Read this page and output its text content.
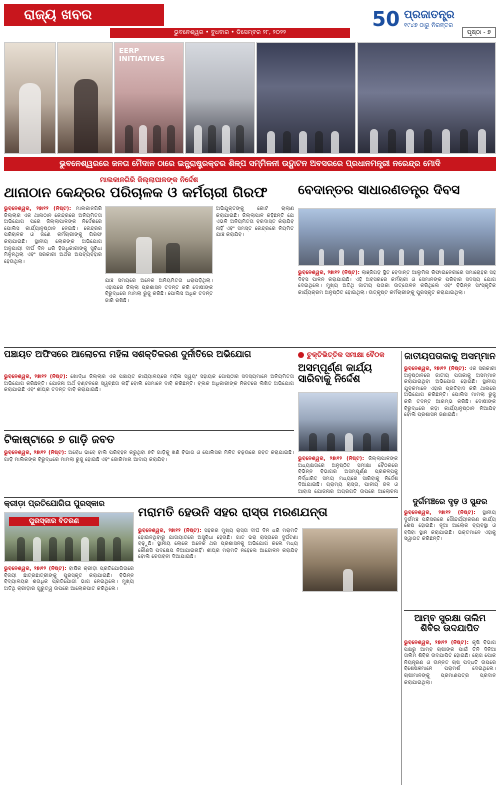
ରାଜ୍ୟ ଖବର
ଭୁବନେଶ୍ୱର • ବୁଧବାର • ଡିସେମ୍ବର ୨୮, ୨୦୨୨
50 ପ୍ରଜାତନ୍ତ୍ର
୧୯୪୭ ଠାରୁ ନିରନ୍ତର
ପୃଷ୍ଠା - ୭
EERP INITIATIVES
ଭୁବନେଶ୍ୱରରେ ଜନତା ମୈଦାନ ଠାରେ ଇନ୍ଫ୍ରାଷ୍ଟ୍ରକ୍ଚର ଶିଳ୍ପ ସମ୍ମିଳନୀ ଉଦ୍ଘାଟନ ଅବସରରେ ପ୍ରଧାନମନ୍ତ୍ରୀ ନରେନ୍ଦ୍ର ମୋଦି
ମାଲକାନଗିରି ଜିଲ୍ଲାପାଳଙ୍କ ନିର୍ଦ୍ଦେଶ
ଥାନାଠାନ କେନ୍ଦ୍ରର ପରିଚାଳକ ଓ କର୍ମଚାରୀ ଗିରଫ
ଭୁବନେଶ୍ୱର, ୨୭ା୧୨ (ନିଷ୍ଟ): ମାଲକାନଗିରି ଜିଲ୍ଲାର ଏକ ଥାନାଠାନ କେନ୍ଦ୍ରରେ ଅନିୟମିତତା ଅଭିଯୋଗ ପରେ ଜିଲ୍ଲାପାଳଙ୍କ ନିର୍ଦ୍ଦେଶରେ ପୋଲିସ କାର୍ଯ୍ୟାନୁଷ୍ଠାନ ନେଇଛି। କେନ୍ଦ୍ରର ପରିଚାଳକ ଓ ଜଣେ କର୍ମଚାରୀଙ୍କୁ ଗିରଫ କରାଯାଇଛି। ସ୍ଥାନୀୟ ଲୋକଙ୍କ ଅଭିଯୋଗ ଅନୁଯାୟୀ ଦୀର୍ଘ ଦିନ ଧରି ହିତାଧିକାରୀଙ୍କୁ ସୁବିଧା ମିଳୁନଥିଲା ଏବଂ ସରକାରୀ ଅର୍ଥର ଅପବ୍ୟବହାର ହେଉଥିଲା।
ଯାଞ୍ଚ ସମୟରେ ଅନେକ ଅନିୟମିତତା ଧରାପଡ଼ିଥିଲା। ଏହାପରେ ଜିଲ୍ଲା ପ୍ରଶାସନ ତଦନ୍ତ କରି ଦୋଷୀଙ୍କ ବିରୁଦ୍ଧରେ ମାମଲା ରୁଜୁ କରିଛି। ପୋଲିସ ଅଧିକ ତଦନ୍ତ ଜାରି ରଖିଛି।
ଅଭିଯୁକ୍ତଙ୍କୁ କୋର୍ଟ ଚାଲାଣ କରାଯାଇଛି। ଜିଲ୍ଲାପାଳ କହିଛନ୍ତି ଯେ ଏଭଳି ଅନିୟମିତତା ବରଦାସ୍ତ କରାଯିବ ନାହିଁ ଏବଂ ସମସ୍ତ କେନ୍ଦ୍ରରେ ନିୟମିତ ଯାଞ୍ଚ କରାଯିବ।
ବେଦାନ୍ତର ସାଧାରଣତନ୍ତ୍ର ଦିବସ
ଭୁବନେଶ୍ୱର, ୨୭ା୧୨ (ନିଷ୍ଟ): ଲାଞ୍ଜିଗଡ଼ ସ୍ଥିତ ବେଦାନ୍ତ ଆଲୁମିନା ରିଫାଇନେରୀରେ ସମାରୋହର ସହ ଦିବସ ପାଳନ କରାଯାଇଛି। ଏହି ଅବସରରେ କର୍ମଚାରୀ ଓ ସେମାନଙ୍କ ପରିବାର ସଦସ୍ୟ ଯୋଗ ଦେଇଥିଲେ। ମୁଖ୍ୟ ଅତିଥି ଜାତୀୟ ପତାକା ଉତ୍ତୋଳନ କରିଥିଲେ ଏବଂ ବିଭିନ୍ନ ସାଂସ୍କୃତିକ କାର୍ଯ୍ୟକ୍ରମ ଅନୁଷ୍ଠିତ ହୋଇଥିଲା। ଉତ୍କୃଷ୍ଟ କର୍ମଚାରୀଙ୍କୁ ପୁରସ୍କୃତ କରାଯାଇଥିଲା।
ପଞ୍ଚାୟତ ଅଫିସରେ ଆଲୋଚନା ମହିଳା ସଶକ୍ତିକରଣ ଦୁର୍ନୀତିରେ ଅଭିଯୋଗ
ଭୁବନେଶ୍ୱର, ୨୭ା୧୨ (ନିଷ୍ଟ): ଖୋର୍ଦ୍ଧା ଜିଲ୍ଲାର ଏକ ପଞ୍ଚାୟତ କାର୍ଯ୍ୟାଳୟରେ ମହିଳା ସ୍ୱୟଂ ସହାୟକ ଗୋଷ୍ଠୀର ସଦସ୍ୟମାନେ ଅନିୟମିତତା ଅଭିଯୋଗ କରିଛନ୍ତି। ଯୋଜନା ଅର୍ଥ ବଣ୍ଟନରେ ସ୍ୱଚ୍ଛତା ନାହିଁ ବୋଲି ସେମାନେ ଦାବି କରିଛନ୍ତି। ବ୍ଲକ ଅଧିକାରୀଙ୍କ ନିକଟରେ ଲିଖିତ ଅଭିଯୋଗ କରାଯାଇଛି ଏବଂ ଶୀଘ୍ର ତଦନ୍ତ ଦାବି କରାଯାଇଛି।
ଚୁକ୍ତିଭିତ୍ତିକ ସମୀକ୍ଷା ବୈଠକ
ଅସମ୍ପୂର୍ଣ୍ଣ କାର୍ଯ୍ୟ ସାରିବାକୁ ନିର୍ଦ୍ଦେଶ
ଭୁବନେଶ୍ୱର, ୨୭ା୧୨ (ନିଷ୍ଟ): ଜିଲ୍ଲାପାଳଙ୍କ ଅଧ୍ୟକ୍ଷତାରେ ଅନୁଷ୍ଠିତ ସମୀକ୍ଷା ବୈଠକରେ ବିଭିନ୍ନ ବିଭାଗର ଅସମ୍ପୂର୍ଣ୍ଣ ପ୍ରକଳ୍ପକୁ ନିର୍ଦ୍ଧାରିତ ସମୟ ମଧ୍ୟରେ ସାରିବାକୁ ନିର୍ଦ୍ଦେଶ ଦିଆଯାଇଛି। ଗ୍ରାମ୍ୟ ରାସ୍ତା, ପାନୀୟ ଜଳ ଓ ଆବାସ ଯୋଜନାର ଅଗ୍ରଗତି ଉପରେ ଆଲୋଚନା
ଜାତୀୟପତାକାକୁ ଅସମ୍ମାନ
ଭୁବନେଶ୍ୱର, ୨୭ା୧୨ (ନିଷ୍ଟ): ଏକ ସରକାରୀ ଅନୁଷ୍ଠାନରେ ଜାତୀୟ ପତାକାକୁ ଅସମ୍ମାନ କରାଯାଇଥିବା ଅଭିଯୋଗ ହୋଇଛି। ସ୍ଥାନୀୟ ଯୁବକମାନେ ଏହାର ପ୍ରତିବାଦ କରି ଥାନାରେ ଅଭିଯୋଗ କରିଛନ୍ତି। ପୋଲିସ ମାମଲା ରୁଜୁ କରି ତଦନ୍ତ ଆରମ୍ଭ କରିଛି। ଦୋଷୀଙ୍କ ବିରୁଦ୍ଧରେ କଡ଼ା କାର୍ଯ୍ୟାନୁଷ୍ଠାନ ନିଆଯିବ ବୋଲି ପ୍ରଶାସନ ଜଣାଇଛି।
ଟିକାଷ୍ଟାରେ ୭ ଗାଡ଼ି ଜବତ
ଭୁବନେଶ୍ୱର, ୨୭ା୧୨ (ନିଷ୍ଟ): ଅବୈଧ ଭାବେ ବାଲି ପରିବହନ କରୁଥିବା ୭ଟି ଗାଡ଼ିକୁ ଖଣି ବିଭାଗ ଓ ପୋଲିସର ମିଳିତ ଚଢ଼ଉରେ ଜବତ କରାଯାଇଛି। ଗାଡ଼ି ମାଲିକଙ୍କ ବିରୁଦ୍ଧରେ ମାମଲା ରୁଜୁ ହୋଇଛି ଏବଂ ଜୋରିମାନା ଆଦାୟ କରାଯିବ।
ଦୁର୍ଗମଞ୍ଚରେ ଦୃଢ଼ ଓ ସୁନ୍ଦର
ଭୁବନେଶ୍ୱର, ୨୭ା୧୨ (ନିଷ୍ଟ): ସ୍ଥାନୀୟ ଦୁର୍ଗମଞ୍ଚ ପରିସରରେ ସୌନ୍ଦର୍ଯ୍ୟୀକରଣ କାର୍ଯ୍ୟ ଶେଷ ହୋଇଛି। ନୂଆ ଆଲୋକ ବ୍ୟବସ୍ଥା ଓ ବସିବା ସ୍ଥାନ କରାଯାଇଛି। ଭକ୍ତମାନେ ଏହାକୁ ସ୍ୱାଗତ କରିଛନ୍ତି।
କ୍ରୀଡ଼ା ପ୍ରତିଯୋଗିତା ପୁରସ୍କାର
ପୁରସ୍କାର ବିତରଣ
ଭୁବନେଶ୍ୱର, ୨୭ା୧୨ (ନିଷ୍ଟ): ବାର୍ଷିକ କ୍ରୀଡ଼ା ପ୍ରତିଯୋଗିତାରେ ବିଜୟୀ ଛାତ୍ରଛାତ୍ରୀଙ୍କୁ ପୁରସ୍କୃତ କରାଯାଇଛି। ବିଭିନ୍ନ ବିଦ୍ୟାଳୟର ଶତାଧିକ ପ୍ରତିଯୋଗୀ ଭାଗ ନେଇଥିଲେ। ମୁଖ୍ୟ ଅତିଥି କ୍ରୀଡ଼ାର ଗୁରୁତ୍ୱ ଉପରେ ଆଲୋକପାତ କରିଥିଲେ।
ମରାମତି ହେଉନି ସହର ରାସ୍ତା ମରଣଯନ୍ତା
ଭୁବନେଶ୍ୱର, ୨୭ା୧୨ (ନିଷ୍ଟ): ସହରର ମୁଖ୍ୟ ରାସ୍ତା ଦୀର୍ଘ ଦିନ ଧରି ମରାମତି ହୋଇନଥିବାରୁ ଯାତାୟାତରେ ଅସୁବିଧା ହେଉଛି। ଗାତ ଭରା ରାସ୍ତାରେ ଦୁର୍ଘଟଣା ବଢ଼ୁଛି। ସ୍ଥାନୀୟ ଲୋକେ ଅନେକ ଥର ପ୍ରଶାସନକୁ ଅଭିଯୋଗ କଲେ ମଧ୍ୟ କୌଣସି ପଦକ୍ଷେପ ନିଆଯାଇନାହିଁ। ଶୀଘ୍ର ମରାମତି ନହେଲେ ଆନ୍ଦୋଳନ କରାଯିବ ବୋଲି ଚେତାବନୀ ଦିଆଯାଇଛି।
ଆମ୍ବ ସୁରକ୍ଷା ତାଲିମ ଶିବିର ଉଦଯାପିତ
ଭୁବନେଶ୍ୱର, ୨୭ା୧୨ (ନିଷ୍ଟ): କୃଷି ବିଭାଗ ପକ୍ଷରୁ ଆମ୍ବ ଚାଷୀଙ୍କ ପାଇଁ ତିନି ଦିନିଆ ତାଲିମ ଶିବିର ଉଦଯାପିତ ହୋଇଛି। ରୋଗ ପୋକ ନିୟନ୍ତ୍ରଣ ଓ ଉନ୍ନତ ଚାଷ ପଦ୍ଧତି ଉପରେ ବିଶେଷଜ୍ଞମାନେ ପରାମର୍ଶ ଦେଇଥିଲେ। ଚାଷୀମାନଙ୍କୁ ପ୍ରମାଣପତ୍ର ପ୍ରଦାନ କରାଯାଇଥିଲା।
